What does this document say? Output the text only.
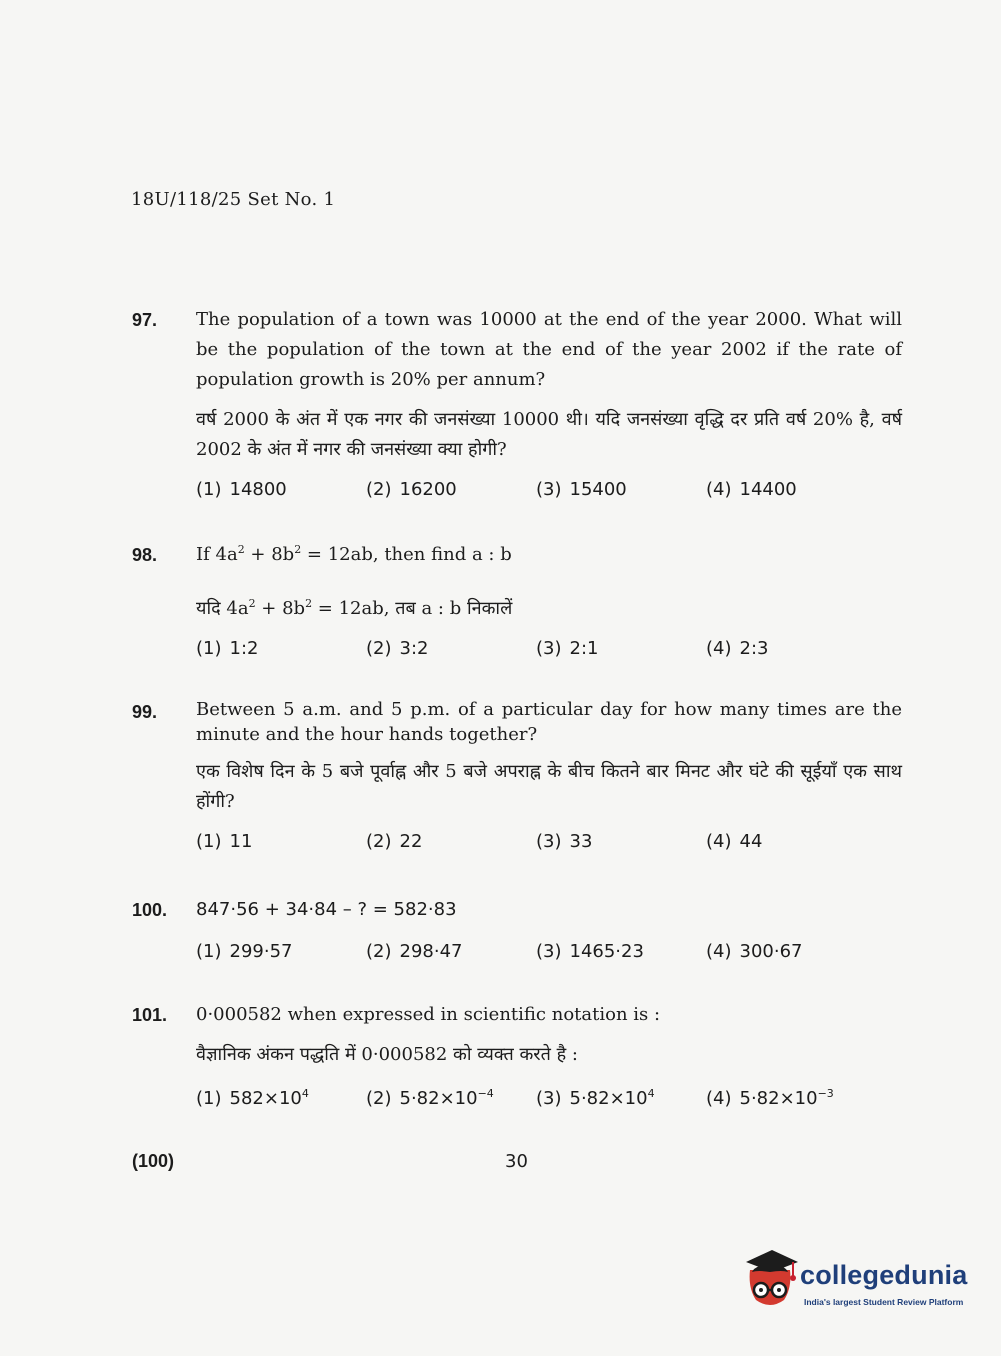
18U/118/25 Set No. 1
97.	The population of a town was 10000 at the end of the year 2000. What will be the population of the town at the end of the year 2002 if the rate of population growth is 20% per annum?
वर्ष 2000 के अंत में एक नगर की जनसंख्या 10000 थी। यदि जनसंख्या वृद्धि दर प्रति वर्ष 20% है, वर्ष 2002 के अंत में नगर की जनसंख्या क्या होगी?
(1) 14800	(2) 16200	(3) 15400	(4) 14400
98.	If $4a^2 + 8b^2 = 12ab$, then find a : b
यदि $4a^2 + 8b^2 = 12ab$, तब a : b निकालें
(1) 1:2	(2) 3:2	(3) 2:1	(4) 2:3
99.	Between 5 a.m. and 5 p.m. of a particular day for how many times are the minute and the hour hands together?
एक विशेष दिन के 5 बजे पूर्वाह्न और 5 बजे अपराह्न के बीच कितने बार मिनट और घंटे की सूईयाँ एक साथ होंगी?
(1) 11	(2) 22	(3) 33	(4) 44
100.	847·56 + 34·84 – ? = 582·83
(1) 299·57	(2) 298·47	(3) 1465·23	(4) 300·67
101.	0·000582 when expressed in scientific notation is :
वैज्ञानिक अंकन पद्धति में 0·000582 को व्यक्त करते है :
(1) $582\times 10^4$	(2) $5\cdot 82\times 10^{-4}$ (3) $5\cdot 82\times 10^4$	(4) $5\cdot 82\times 10^{-3}$
(100)	30
collegedunia
India's largest Student Review Platform
